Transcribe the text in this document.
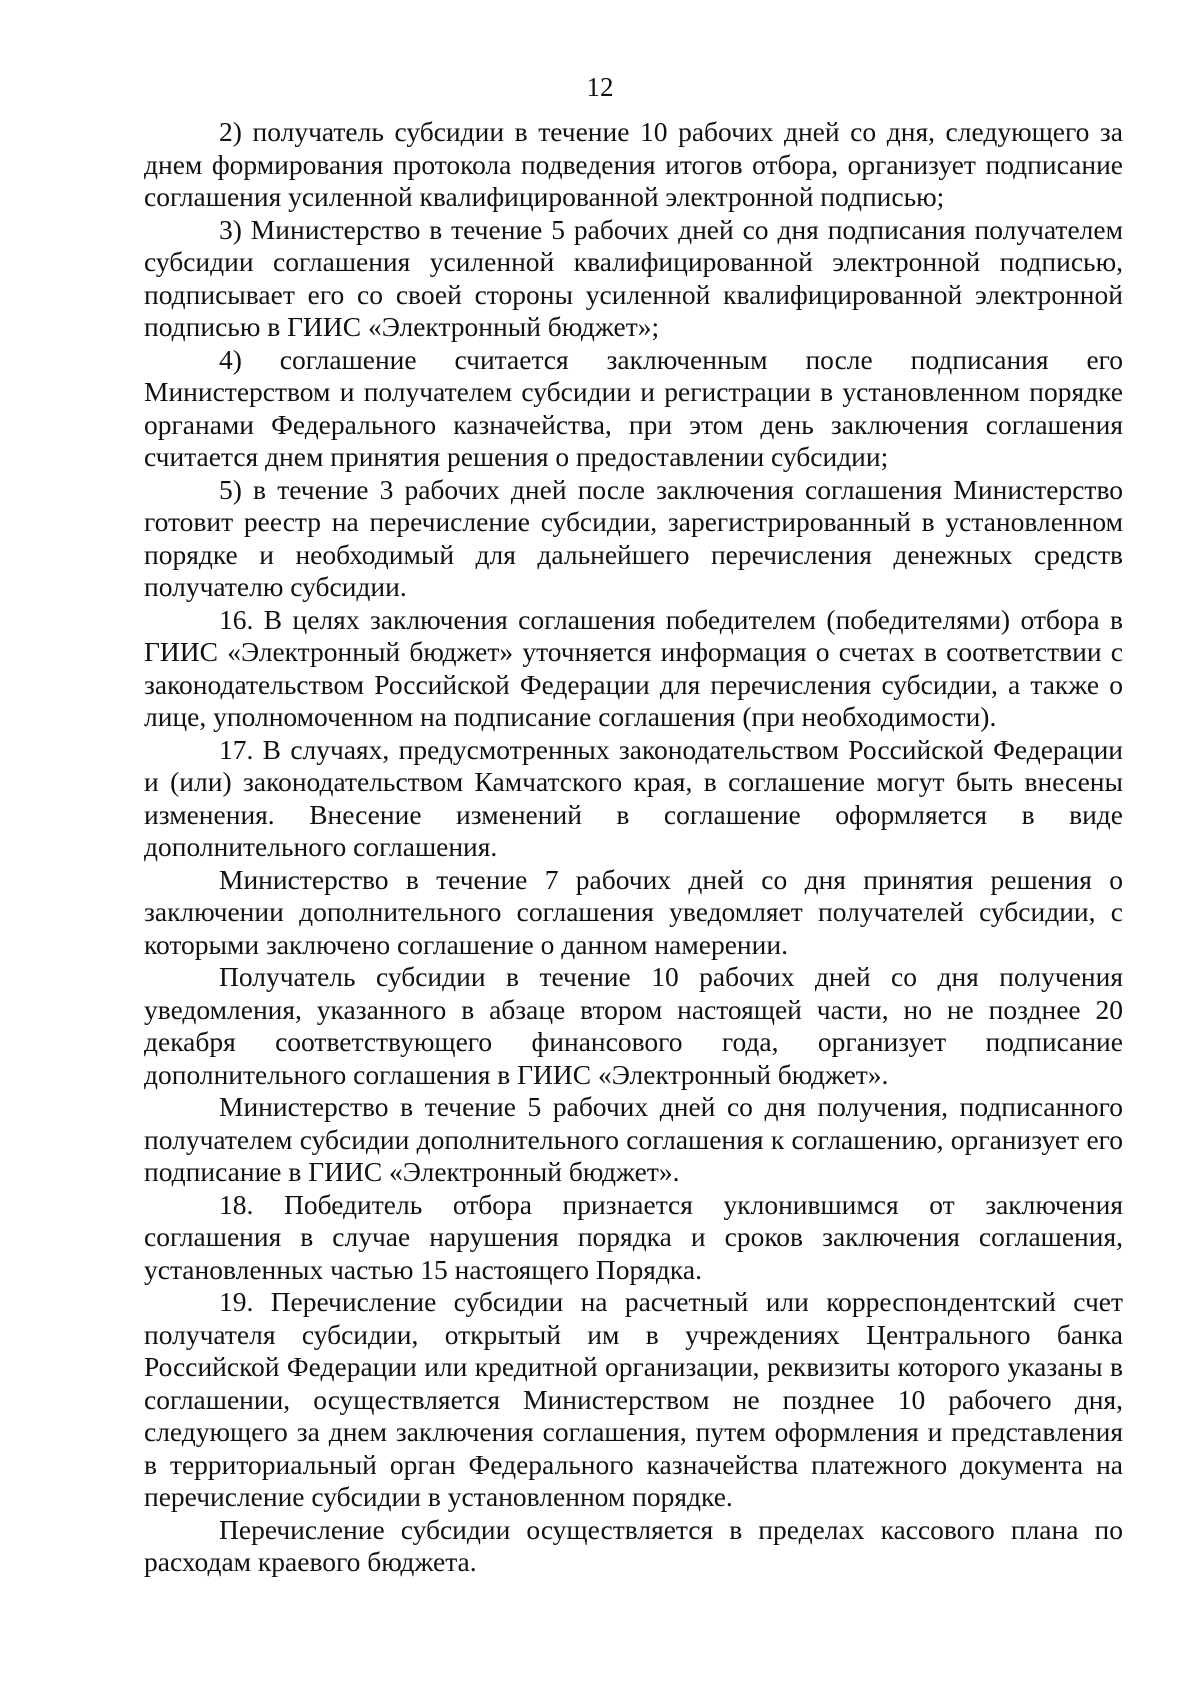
12

2) получатель субсидии в течение 10 рабочих дней со дня, следующего за днем формирования протокола подведения итогов отбора, организует подписание соглашения усиленной квалифицированной электронной подписью;

3) Министерство в течение 5 рабочих дней со дня подписания получателем субсидии соглашения усиленной квалифицированной электронной подписью, подписывает его со своей стороны усиленной квалифицированной электронной подписью в ГИИС «Электронный бюджет»;

4) соглашение считается заключенным после подписания его Министерством и получателем субсидии и регистрации в установленном порядке органами Федерального казначейства, при этом день заключения соглашения считается днем принятия решения о предоставлении субсидии;

5) в течение 3 рабочих дней после заключения соглашения Министерство готовит реестр на перечисление субсидии, зарегистрированный в установленном порядке и необходимый для дальнейшего перечисления денежных средств получателю субсидии.

16. В целях заключения соглашения победителем (победителями) отбора в ГИИС «Электронный бюджет» уточняется информация о счетах в соответствии с законодательством Российской Федерации для перечисления субсидии, а также о лице, уполномоченном на подписание соглашения (при необходимости).

17. В случаях, предусмотренных законодательством Российской Федерации и (или) законодательством Камчатского края, в соглашение могут быть внесены изменения. Внесение изменений в соглашение оформляется в виде дополнительного соглашения.

Министерство в течение 7 рабочих дней со дня принятия решения о заключении дополнительного соглашения уведомляет получателей субсидии, с которыми заключено соглашение о данном намерении.

Получатель субсидии в течение 10 рабочих дней со дня получения уведомления, указанного в абзаце втором настоящей части, но не позднее 20 декабря соответствующего финансового года, организует подписание дополнительного соглашения в ГИИС «Электронный бюджет».

Министерство в течение 5 рабочих дней со дня получения, подписанного получателем субсидии дополнительного соглашения к соглашению, организует его подписание в ГИИС «Электронный бюджет».

18. Победитель отбора признается уклонившимся от заключения соглашения в случае нарушения порядка и сроков заключения соглашения, установленных частью 15 настоящего Порядка.

19. Перечисление субсидии на расчетный или корреспондентский счет получателя субсидии, открытый им в учреждениях Центрального банка Российской Федерации или кредитной организации, реквизиты которого указаны в соглашении, осуществляется Министерством не позднее 10 рабочего дня, следующего за днем заключения соглашения, путем оформления и представления в территориальный орган Федерального казначейства платежного документа на перечисление субсидии в установленном порядке.

Перечисление субсидии осуществляется в пределах кассового плана по расходам краевого бюджета.
